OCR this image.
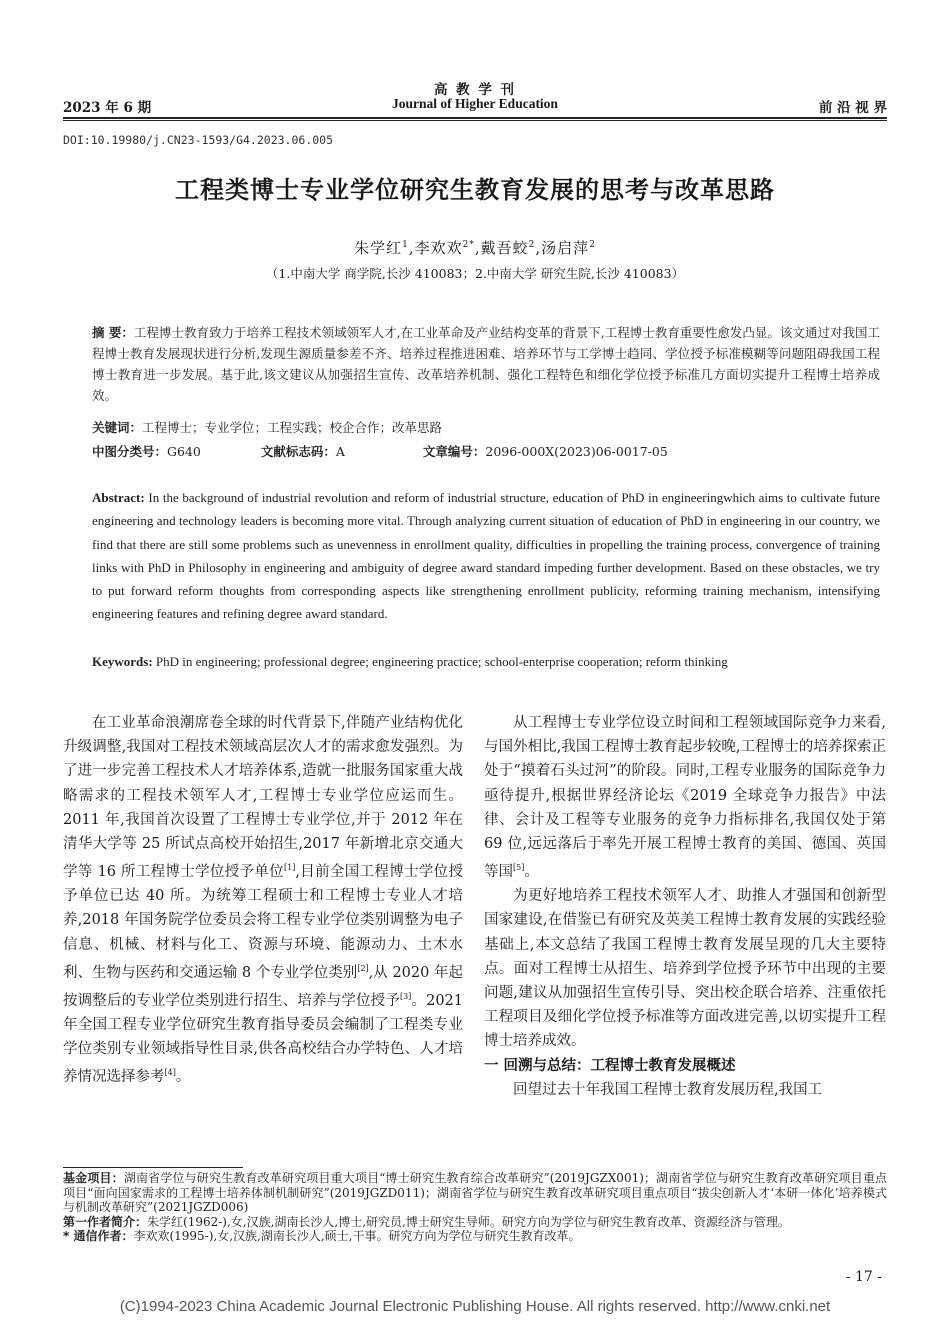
高 教 学 刊
2023 年 6 期	Journal of Higher Education	前 沿 视 界
DOI:10.19980/j.CN23-1593/G4.2023.06.005
工程类博士专业学位研究生教育发展的思考与改革思路
朱学红$^1$,李欢欢$^{2*}$,戴吾蛟$^2$,汤启萍$^2$
（1.中南大学 商学院,长沙 410083；2.中南大学 研究生院,长沙 410083）
摘 要：工程博士教育致力于培养工程技术领域领军人才,在工业革命及产业结构变革的背景下,工程博士教育重要性愈发凸显。该文通过对我国工程博士教育发展现状进行分析,发现生源质量参差不齐、培养过程推进困难、培养环节与工学博士趋同、学位授予标准模糊等问题阻碍我国工程博士教育进一步发展。基于此,该文建议从加强招生宣传、改革培养机制、强化工程特色和细化学位授予标准几方面切实提升工程博士培养成效。
关键词：工程博士；专业学位；工程实践；校企合作；改革思路
中图分类号：G640	文献标志码：A	文章编号：2096-000X(2023)06-0017-05
Abstract: In the background of industrial revolution and reform of industrial structure, education of PhD in engineeringwhich aims to cultivate future engineering and technology leaders is becoming more vital. Through analyzing current situation of education of PhD in engineering in our country, we find that there are still some problems such as unevenness in enrollment quality, difficulties in propelling the training process, convergence of training links with PhD in Philosophy in engineering and ambiguity of degree award standard impeding further development. Based on these obstacles, we try to put forward reform thoughts from corresponding aspects like strengthening enrollment publicity, reforming training mechanism, intensifying engineering features and refining degree award standard.
Keywords: PhD in engineering; professional degree; engineering practice; school-enterprise cooperation; reform thinking

在工业革命浪潮席卷全球的时代背景下,伴随产业结构优化升级调整,我国对工程技术领域高层次人才的需求愈发强烈。为了进一步完善工程技术人才培养体系,造就一批服务国家重大战略需求的工程技术领军人才,工程博士专业学位应运而生。2011 年,我国首次设置了工程博士专业学位,并于 2012 年在清华大学等 25 所试点高校开始招生,2017 年新增北京交通大学等 16 所工程博士学位授予单位[1],目前全国工程博士学位授予单位已达 40 所。为统筹工程硕士和工程博士专业人才培养,2018 年国务院学位委员会将工程专业学位类别调整为电子信息、机械、材料与化工、资源与环境、能源动力、土木水利、生物与医药和交通运输 8 个专业学位类别[2],从 2020 年起按调整后的专业学位类别进行招生、培养与学位授予[3]。2021 年全国工程专业学位研究生教育指导委员会编制了工程类专业学位类别专业领域指导性目录,供各高校结合办学特色、人才培养情况选择参考[4]。

从工程博士专业学位设立时间和工程领域国际竞争力来看,与国外相比,我国工程博士教育起步较晚,工程博士的培养探索正处于“摸着石头过河”的阶段。同时,工程专业服务的国际竞争力亟待提升,根据世界经济论坛《2019 全球竞争力报告》中法律、会计及工程等专业服务的竞争力指标排名,我国仅处于第 69 位,远远落后于率先开展工程博士教育的美国、德国、英国等国[5]。

为更好地培养工程技术领军人才、助推人才强国和创新型国家建设,在借鉴已有研究及英美工程博士教育发展的实践经验基础上,本文总结了我国工程博士教育发展呈现的几大主要特点。面对工程博士从招生、培养到学位授予环节中出现的主要问题,建议从加强招生宣传引导、突出校企联合培养、注重依托工程项目及细化学位授予标准等方面改进完善,以切实提升工程博士培养成效。

一 回溯与总结：工程博士教育发展概述

回望过去十年我国工程博士教育发展历程,我国工

基金项目：湖南省学位与研究生教育改革研究项目重大项目“博士研究生教育综合改革研究”(2019JGZX001)；湖南省学位与研究生教育改革研究项目重点项目“面向国家需求的工程博士培养体制机制研究”(2019JGZD011)；湖南省学位与研究生教育改革研究项目重点项目“拔尖创新人才‘本研一体化’培养模式与机制改革研究”(2021JGZD006)

第一作者简介：朱学红(1962-),女,汉族,湖南长沙人,博士,研究员,博士研究生导师。研究方向为学位与研究生教育改革、资源经济与管理。

* 通信作者：李欢欢(1995-),女,汉族,湖南长沙人,硕士,干事。研究方向为学位与研究生教育改革。

- 17 -
(C)1994-2023 China Academic Journal Electronic Publishing House. All rights reserved. http://www.cnki.net
